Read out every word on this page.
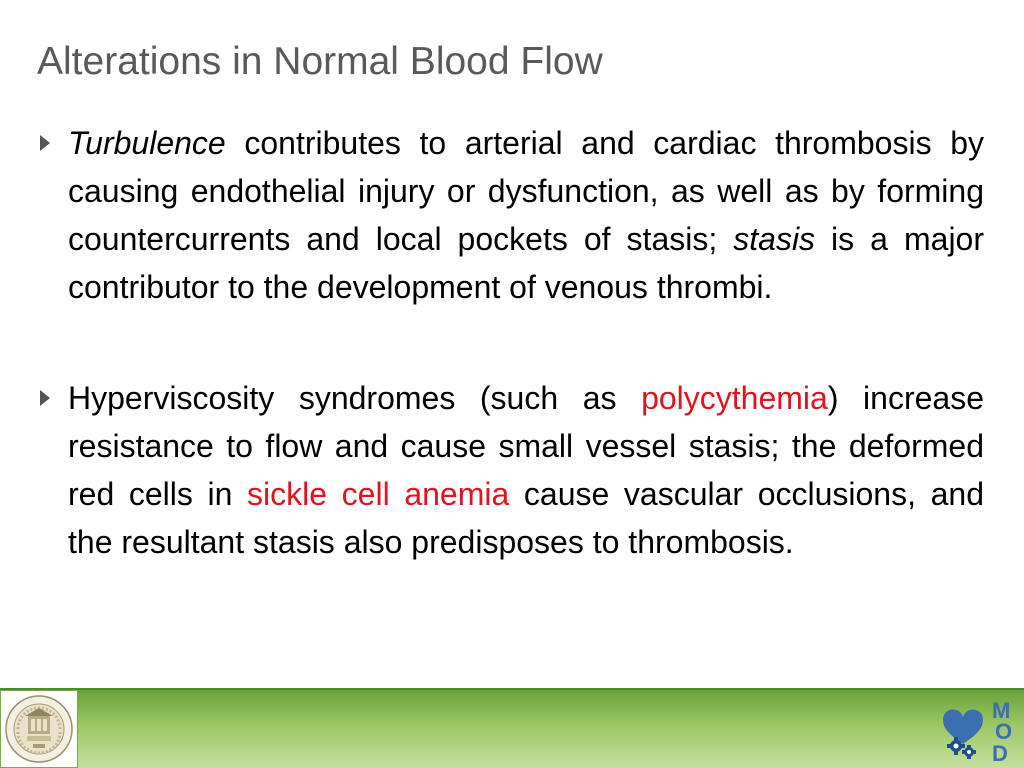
Alterations in Normal Blood Flow
Turbulence contributes to arterial and cardiac thrombosis by causing endothelial injury or dysfunction, as well as by forming countercurrents and local pockets of stasis; stasis is a major contributor to the development of venous thrombi.
Hyperviscosity syndromes (such as polycythemia) increase resistance to flow and cause small vessel stasis; the deformed red cells in sickle cell anemia cause vascular occlusions, and the resultant stasis also predisposes to thrombosis.
M
O
D
